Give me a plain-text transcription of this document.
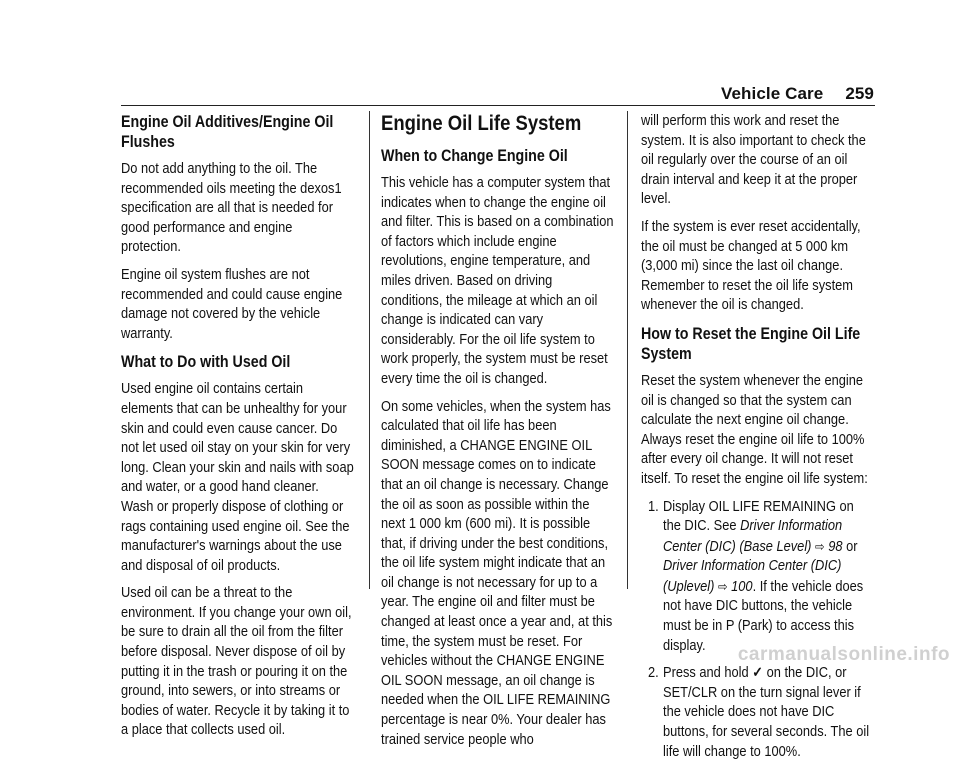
Vehicle Care 259
Engine Oil Additives/Engine Oil Flushes

Do not add anything to the oil. The recommended oils meeting the dexos1 specification are all that is needed for good performance and engine protection.

Engine oil system flushes are not recommended and could cause engine damage not covered by the vehicle warranty.

What to Do with Used Oil

Used engine oil contains certain elements that can be unhealthy for your skin and could even cause cancer. Do not let used oil stay on your skin for very long. Clean your skin and nails with soap and water, or a good hand cleaner. Wash or properly dispose of clothing or rags containing used engine oil. See the manufacturer's warnings about the use and disposal of oil products.

Used oil can be a threat to the environment. If you change your own oil, be sure to drain all the oil from the filter before disposal. Never dispose of oil by putting it in the trash or pouring it on the ground, into sewers, or into streams or bodies of water. Recycle it by taking it to a place that collects used oil.

Engine Oil Life System
When to Change Engine Oil

This vehicle has a computer system that indicates when to change the engine oil and filter. This is based on a combination of factors which include engine revolutions, engine temperature, and miles driven. Based on driving conditions, the mileage at which an oil change is indicated can vary considerably. For the oil life system to work properly, the system must be reset every time the oil is changed.

On some vehicles, when the system has calculated that oil life has been diminished, a CHANGE ENGINE OIL SOON message comes on to indicate that an oil change is necessary. Change the oil as soon as possible within the next 1 000 km (600 mi). It is possible that, if driving under the best conditions, the oil life system might indicate that an oil change is not necessary for up to a year. The engine oil and filter must be changed at least once a year and, at this time, the system must be reset. For vehicles without the CHANGE ENGINE OIL SOON message, an oil change is needed when the OIL LIFE REMAINING percentage is near 0%. Your dealer has trained service people who

will perform this work and reset the system. It is also important to check the oil regularly over the course of an oil drain interval and keep it at the proper level.

If the system is ever reset accidentally, the oil must be changed at 5 000 km (3,000 mi) since the last oil change. Remember to reset the oil life system whenever the oil is changed.

How to Reset the Engine Oil Life System

Reset the system whenever the engine oil is changed so that the system can calculate the next engine oil change. Always reset the engine oil life to 100% after every oil change. It will not reset itself. To reset the engine oil life system:

1. Display OIL LIFE REMAINING on the DIC. See Driver Information Center (DIC) (Base Level) ⇨ 98 or Driver Information Center (DIC) (Uplevel) ⇨ 100. If the vehicle does not have DIC buttons, the vehicle must be in P (Park) to access this display.
2. Press and hold ✓ on the DIC, or SET/CLR on the turn signal lever if the vehicle does not have DIC buttons, for several seconds. The oil life will change to 100%.
carmanualsonline.info
